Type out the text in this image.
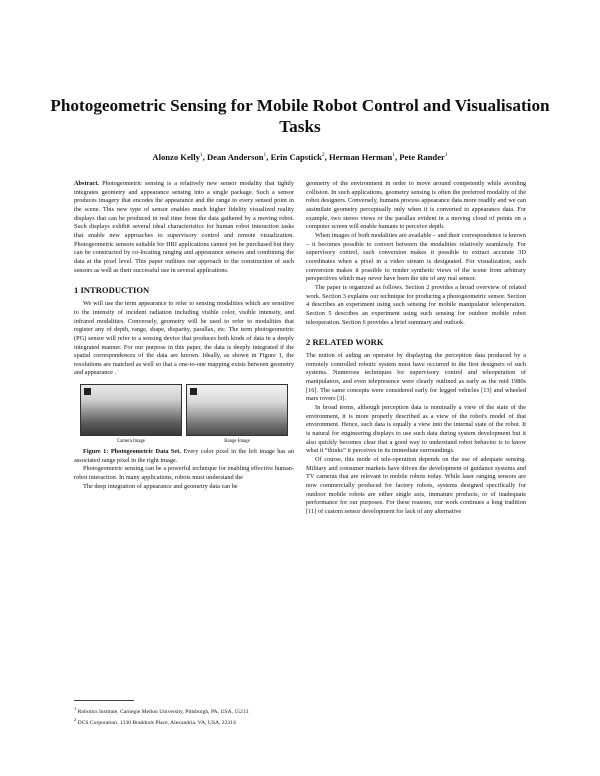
Photogeometric Sensing for Mobile Robot Control and Visualisation Tasks
Alonzo Kelly$^1$, Dean Anderson$^1$, Erin Capstick$^2$, Herman Herman$^1$, Pete Rander$^1$

Abstract. Photogeometric sensing is a relatively new sensor modality that tightly integrates geometry and appearance sensing into a single package. Such a sensor produces imagery that encodes the appearance and the range to every sensed point in the scene. This new type of sensor enables much higher fidelity visualized reality displays that can be produced in real time from the data gathered by a moving robot. Such displays exhibit several ideal characteristics for human robot interaction tasks that enable new approaches to supervisory control and remote visualization. Photogeometric sensors suitable for HRI applications cannot yet be purchased but they can be constructed by co-locating ranging and appearance sensors and combining the data at the pixel level. This paper outlines our approach to the construction of such sensors as well as their successful use in several applications.

1 INTRODUCTION

We will use the term appearance to refer to sensing modalities which are sensitive to the intensity of incident radiation including visible color, visible intensity, and infrared modalities. Conversely, geometry will be used to refer to modalities that register any of depth, range, shape, disparity, parallax, etc. The term photogeometric (PG) sensor will refer to a sensing device that produces both kinds of data in a deeply integrated manner. For our purpose in this paper, the data is deeply integrated if the spatial correspondences of the data are known. Ideally, as shown in Figure 1, the resolutions are matched as well so that a one-to-one mapping exists between geometry and appearance .

Camera Image	Range Image

Figure 1: Photogeometric Data Set. Every color pixel in the left image has an associated range pixel in the right image.

Photogeometric sensing can be a powerful technique for enabling effective human-robot interaction. In many applications, robots must understand the

The deep integration of appearance and geometry data can be

geometry of the environment in order to move around competently while avoiding collision. In such applications, geometry sensing is often the preferred modality of the robot designers. Conversely, humans process appearance data more readily and we can assimilate geometry perceptually only when it is converted to appearance data. For example, two stereo views or the parallax evident in a moving cloud of points on a computer screen will enable humans to perceive depth.

When images of both modalities are available – and their correspondence is known – it becomes possible to convert between the modalities relatively seamlessly. For supervisory control, such conversion makes it possible to extract accurate 3D coordinates when a pixel in a video stream is designated. For visualization, such conversion makes it possible to render synthetic views of the scene from arbitrary perspectives which may never have been the site of any real sensor.

The paper is organized as follows. Section 2 provides a broad overview of related work. Section 3 explains our technique for producing a photogeometric sensor. Section 4 describes an experiment using such sensing for mobile manipulator teleoperation. Section 5 describes an experiment using such sensing for outdoor mobile robot teleoperation. Section 6 provides a brief summary and outlook.

2 RELATED WORK

The notion of aiding an operator by displaying the perception data produced by a remotely controlled robotic system must have occurred to the first designers of such systems. Numerous techniques for supervisory control and teleoperation of manipulators, and even telepresence were clearly outlined as early as the mid 1980s [16]. The same concepts were considered early for legged vehicles [13] and wheeled mars rovers [3].

In broad terms, although perception data is nominally a view of the state of the environment, it is more properly described as a view of the robot's model of that environment. Hence, such data is equally a view into the internal state of the robot. It is natural for engineering displays to use such data during system development but it also quickly becomes clear that a good way to understand robot behavior is to know what it “thinks” it perceives in its immediate surroundings.

Of course, this mode of tele-operation depends on the use of adequate sensing. Military and consumer markets have driven the development of guidance systems and TV cameras that are relevant to mobile robots today. While laser ranging sensors are now commercially produced for factory robots, systems designed specifically for outdoor mobile robots are either single axis, immature products, or of inadequate performance for our purposes. For these reasons, our work continues a long tradition [11] of custom sensor development for lack of any alternative

$^1$ Robotics Institute, Carnegie Mellon University, Pittsburgh, PA, USA, 15213
$^2$ DCS Corporation. 1330 Braddock Place, Alexandria, VA, USA, 22314
